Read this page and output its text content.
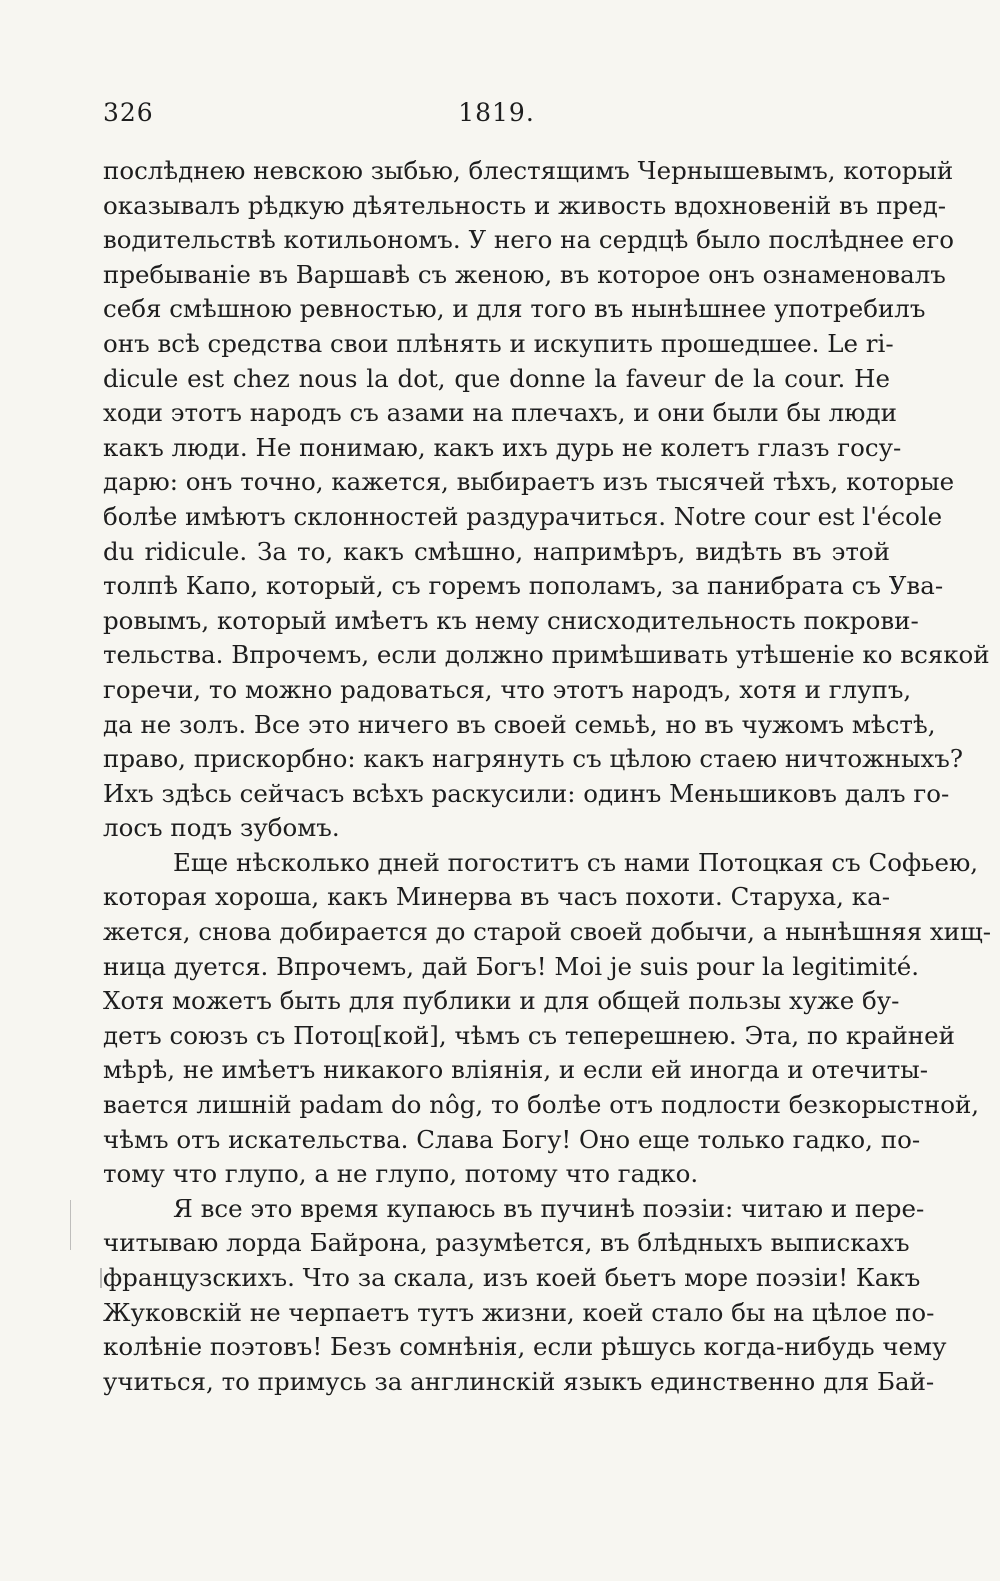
326	1819.
послѣднею невскою зыбью, блестящимъ Чернышевымъ, который
оказывалъ рѣдкую дѣятельность и живость вдохновеній въ пред-
водительствѣ котильономъ. У него на сердцѣ было послѣднее его
пребываніе въ Варшавѣ съ женою, въ которое онъ ознаменовалъ
себя смѣшною ревностью, и для того въ нынѣшнее употребилъ
онъ всѣ средства свои плѣнять и искупить прошедшее. Le ri-
dicule est chez nous la dot, que donne la faveur de la cour. Не
ходи этотъ народъ съ азами на плечахъ, и они были бы люди
какъ люди. Не понимаю, какъ ихъ дурь не колетъ глазъ госу-
дарю: онъ точно, кажется, выбираетъ изъ тысячей тѣхъ, которые
болѣе имѣютъ склонностей раздурачиться. Notre cour est l'école
du ridicule. За то, какъ смѣшно, напримѣръ, видѣть въ этой
толпѣ Капо, который, съ горемъ пополамъ, за панибрата съ Ува-
ровымъ, который имѣетъ къ нему снисходительность покрови-
тельства. Впрочемъ, если должно примѣшивать утѣшеніе ко всякой
горечи, то можно радоваться, что этотъ народъ, хотя и глупъ,
да не золъ. Все это ничего въ своей семьѣ, но въ чужомъ мѣстѣ,
право, прискорбно: какъ нагрянуть съ цѣлою стаею ничтожныхъ?
Ихъ здѣсь сейчасъ всѣхъ раскусили: одинъ Меньшиковъ далъ го-
лосъ подъ зубомъ.
Еще нѣсколько дней погоститъ съ нами Потоцкая съ Софьею,
которая хороша, какъ Минерва въ часъ похоти. Старуха, ка-
жется, снова добирается до старой своей добычи, а нынѣшняя хищ-
ница дуется. Впрочемъ, дай Богъ! Moi je suis pour la legitimité.
Хотя можетъ быть для публики и для общей пользы хуже бу-
детъ союзъ съ Потоц[кой], чѣмъ съ теперешнею. Эта, по крайней
мѣрѣ, не имѣетъ никакого вліянія, и если ей иногда и отечиты-
вается лишній padam do nôg, то болѣе отъ подлости безкорыстной,
чѣмъ отъ искательства. Слава Богу! Оно еще только гадко, по-
тому что глупо, а не глупо, потому что гадко.
Я все это время купаюсь въ пучинѣ поэзіи: читаю и пере-
читываю лорда Байрона, разумѣется, въ блѣдныхъ выпискахъ
французскихъ. Что за скала, изъ коей бьетъ море поэзіи! Какъ
Жуковскій не черпаетъ тутъ жизни, коей стало бы на цѣлое по-
колѣніе поэтовъ! Безъ сомнѣнія, если рѣшусь когда-нибудь чему
учиться, то примусь за англинскій языкъ единственно для Бай-
